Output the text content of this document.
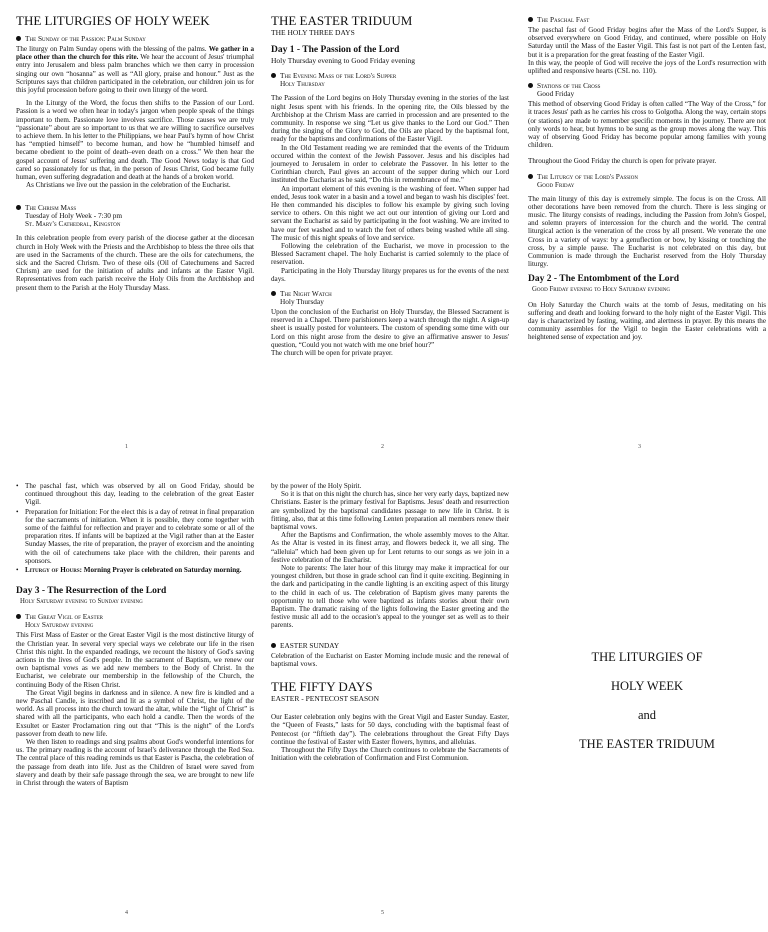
THE LITURGIES OF HOLY WEEK
The Sunday of the Passion: Palm Sunday

The liturgy on Palm Sunday opens with the blessing of the palms. We gather in a place other than the church for this rite. We hear the account of Jesus' triumphal entry into Jerusalem and bless palm branches which we then carry in procession singing our own “hosanna” as well as “All glory, praise and honour.” Just as the Scriptures says that children participated in the celebration, our children join us for this joyful procession before going to their own liturgy of the word.

In the Liturgy of the Word, the focus then shifts to the Passion of our Lord. Passion is a word we often hear in today's jargon when people speak of the things important to them. Passionate love involves sacrifice. Those causes we are truly “passionate” about are so important to us that we are willing to sacrifice ourselves to achieve them. In his letter to the Philippians, we hear Paul's hymn of how Christ has “emptied himself” to become human, and how he “humbled himself and became obedient to the point of death–even death on a cross.” We then hear the gospel account of Jesus' suffering and death. The Good News today is that God cared so passionately for us that, in the person of Jesus Christ, God became fully human, even suffering degradation and death at the hands of a broken world.

As Christians we live out the passion in the celebration of the Eucharist.

The Chrism Mass
Tuesday of Holy Week - 7:30 pm
St. Mary's Cathedral, Kingston

In this celebration people from every parish of the diocese gather at the diocesan church in Holy Week with the Priests and the Archbishop to bless the three oils that are used in the Sacraments of the church. These are the oils for catechumens, the sick and the Sacred Chrism. Two of these oils (Oil of Catechumens and Sacred Chrism) are used for the initiation of adults and infants at the Easter Vigil. Representatives from each parish receive the Holy Oils from the Archbishop and present them to the Parish at the Holy Thursday Mass.

THE EASTER TRIDUUM
THE HOLY THREE DAYS
Day 1 - The Passion of the Lord
Holy Thursday evening to Good Friday evening
The Evening Mass of the Lord's Supper
Holy Thursday

The Passion of the Lord begins on Holy Thursday evening in the stories of the last night Jesus spent with his friends. In the opening rite, the Oils blessed by the Archbishop at the Chrism Mass are carried in procession and are presented to the community. In response we sing “Let us give thanks to the Lord our God.” Then during the singing of the Glory to God, the Oils are placed by the baptismal font, ready for the baptisms and confirmations of the Easter Vigil.

In the Old Testament reading we are reminded that the events of the Triduum occured within the context of the Jewish Passover. Jesus and his disciples had journeyed to Jerusalem in order to celebrate the Passover. In his letter to the Corinthian church, Paul gives an account of the supper during which our Lord instituted the Eucharist as he said, “Do this in remembrance of me.”

An important element of this evening is the washing of feet. When supper had ended, Jesus took water in a basin and a towel and began to wash his disciples' feet. He then commanded his disciples to follow his example by giving such loving service to others. On this night we act out our intention of giving our Lord and servant the Eucharist as said by participating in the foot washing. We are invited to have our feet washed and to watch the feet of others being washed while all sing. The music of this night speaks of love and service.

Following the celebration of the Eucharist, we move in procession to the Blessed Sacrament chapel. The holy Eucharist is carried solemnly to the place of reservation.

Participating in the Holy Thursday liturgy prepares us for the events of the next days.

The Night Watch
Holy Thursday

Upon the conclusion of the Eucharist on Holy Thursday, the Blessed Sacrament is reserved in a Chapel. There parishioners keep a watch through the night. A sign-up sheet is usually posted for volunteers. The custom of spending some time with our Lord on this night arose from the desire to give an affirmative answer to Jesus' question, “Could you not watch with me one brief hour?”

The church will be open for private prayer.

The Paschal Fast

The paschal fast of Good Friday begins after the Mass of the Lord's Supper, is observed everywhere on Good Friday, and continued, where possible on Holy Saturday until the Mass of the Easter Vigil. This fast is not part of the Lenten fast, but it is a preparation for the great feasting of the Easter Vigil.

In this way, the people of God will receive the joys of the Lord's resurrection with uplifted and responsive hearts (CSL no. 110).

Stations of the Cross
Good Friday

This method of observing Good Friday is often called “The Way of the Cross,” for it traces Jesus' path as he carries his cross to Golgotha. Along the way, certain stops (or stations) are made to remember specific moments in the journey. There are not only words to hear, but hymns to be sung as the group moves along the way. This way of observing Good Friday has become popular among families with young children.

Throughout the Good Friday the church is open for private prayer.

The Liturgy of the Lord's Passion
Good Friday

The main liturgy of this day is extremely simple. The focus is on the Cross. All other decorations have been removed from the church. There is less singing or music. The liturgy consists of readings, including the Passion from John's Gospel, and solemn prayers of intercession for the church and the world. The central liturgical action is the veneration of the cross by all present. We venerate the one Cross in a variety of ways: by a genuflection or bow, by kissing or touching the cross, by a simple pause. The Eucharist is not celebrated on this day, but Communion is made through the Eucharist reserved from the Holy Thursday liturgy.

Day 2 - The Entombment of the Lord
Good Friday evening to Holy Saturday evening

On Holy Saturday the Church waits at the tomb of Jesus, meditating on his suffering and death and looking forward to the holy night of the Easter Vigil. This day is characterized by fasting, waiting, and alertness in prayer. By this means the community assembles for the Vigil to begin the Easter celebrations with a heightened sense of expectation and joy.

• The paschal fast, which was observed by all on Good Friday, should be continued throughout this day, leading to the celebration of the great Easter Vigil.
• Preparation for Initiation: For the elect this is a day of retreat in final preparation for the sacraments of initiation. When it is possible, they come together with some of the faithful for reflection and prayer and to celebrate some or all of the preparation rites. If infants will be baptized at the Vigil rather than at the Easter Sunday Masses, the rite of preparation, the prayer of exorcism and the anointing with the oil of catechumens take place with the children, their parents and sponsors.
• Liturgy of Hours: Morning Prayer is celebrated on Saturday morning.
Day 3 - The Resurrection of the Lord
Holy Saturday evening to Sunday evening
The Great Vigil of Easter
Holy Saturday evening

This First Mass of Easter or the Great Easter Vigil is the most distinctive liturgy of the Christian year. In several very special ways we celebrate our life in the risen Christ this night. In the expanded readings, we recount the history of God's saving actions in the lives of God's people. In the sacrament of Baptism, we renew our own baptismal vows as we add new members to the Body of Christ. In the Eucharist, we celebrate our membership in the fellowship of the Church, the continuing Body of the Risen Christ.

The Great Vigil begins in darkness and in silence. A new fire is kindled and a new Paschal Candle, is inscribed and lit as a symbol of Christ, the light of the world. As all process into the church toward the altar, while the “light of Christ” is shared with all the participants, who each hold a candle. Then the words of the Exsultet or Easter Proclamation ring out that “This is the night” of the Lord's passover from death to new life.

We then listen to readings and sing psalms about God's wonderful intentions for us. The primary reading is the account of Israel's deliverance through the Red Sea. The central place of this reading reminds us that Easter is Pascha, the celebration of the passage from death into life. Just as the Children of Israel were saved from slavery and death by their safe passage through the sea, we are brought to new life in Christ through the waters of Baptism

by the power of the Holy Spirit.

So it is that on this night the church has, since her very early days, baptized new Christians. Easter is the primary festival for Baptisms. Jesus' death and resurrection are symbolized by the baptismal candidates passage to new life in Christ. It is fitting, also, that at this time following Lenten preparation all members renew their baptismal vows.

After the Baptisms and Confirmation, the whole assembly moves to the Altar. As the Altar is vested in its finest array, and flowers bedeck it, we all sing. The “alleluia” which had been given up for Lent returns to our songs as we join in a festive celebration of the Eucharist.

Note to parents: The later hour of this liturgy may make it impractical for our youngest children, but those in grade school can find it quite exciting. Beginning in the dark and participating in the candle lighting is an exciting aspect of this liturgy to the child in each of us. The celebration of Baptism gives many parents the opportunity to tell those who were baptized as infants stories about their own Baptism. The dramatic raising of the lights following the Easter greeting and the festive music all add to the occasion's appeal to the younger set as well as to their parents.

EASTER SUNDAY

Celebration of the Eucharist on Easter Morning include music and the renewal of baptismal vows.

THE FIFTY DAYS
EASTER - PENTECOST SEASON

Our Easter celebration only begins with the Great Vigil and Easter Sunday. Easter, the “Queen of Feasts,” lasts for 50 days, concluding with the baptismal feast of Pentecost (or “fiftieth day”). The celebrations throughout the Great Fifty Days continue the festival of Easter with Easter flowers, hymns, and alleluias.

Throughout the Fifty Days the Church continues to celebrate the Sacraments of Initiation with the celebration of Confirmation and First Communion.

THE LITURGIES OF
HOLY WEEK
and
THE EASTER TRIDUUM
1	2	3
4	5
